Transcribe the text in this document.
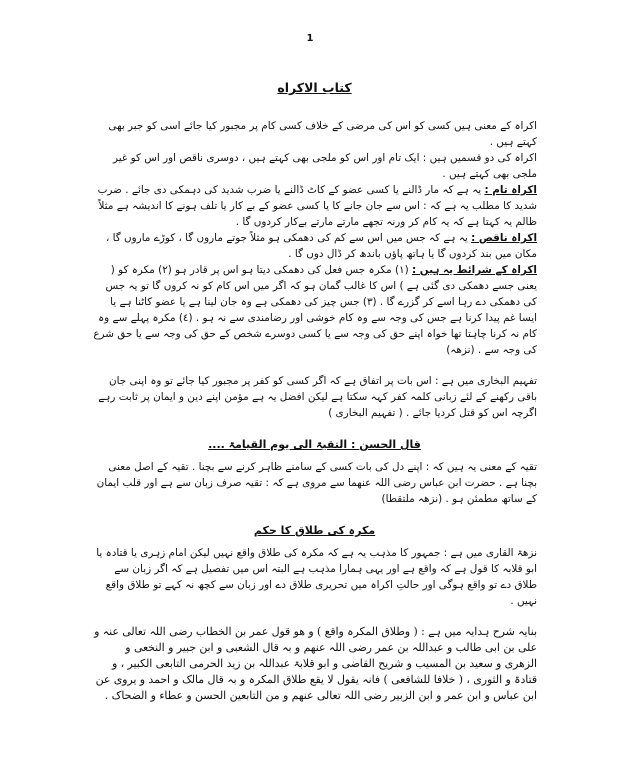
1
كتاب الاكراه

اکراہ کے معنی ہیں کسی کو اس کی مرضی کے خلاف کسی کام پر مجبور کیا جائے اسی کو جبر بھی کہتے ہیں .

اکراہ کی دو قسمیں ہیں : ایک تام اور اس کو ملجی بھی کہتے ہیں ، دوسری ناقص اور اس کو غیر ملجی بھی کہتے ہیں .

اکراہ تام : یہ ہے کہ مار ڈالنے یا کسی عضو کے کاٹ ڈالنے یا ضرب شدید کی دہمکی دی جائے . ضرب شدید کا مطلب یہ ہے کہ : اس سے جان جانے کا یا کسی عضو کے بے کار یا تلف ہونے کا اندیشہ ہے مثلاً ظالم یہ کہتا ہے کہ یہ کام کر ورنہ تجھے مارتے مارتے بےکار کردوں گا .

اکراہ ناقص : یہ ہے کہ جس میں اس سے کم کی دھمکی ہو مثلاً جوتے ماروں گا ، کوڑے ماروں گا ، مکان میں بند کردوں گا یا ہاتھ پاؤں باندھ کر ڈال دوں گا .

اکراہ کے شرائط یہ ہیں : (۱) مکرہ جس فعل کی دھمکی دیتا ہو اس پر قادر ہو (۲) مکرہ کو ( یعنی جسے دھمکی دی گئی ہے ) اس کا غالب گمان ہو کہ اگر میں اس کام کو نہ کروں گا تو یہ جس کی دھمکی دے رہا اسے کر گزرے گا . (۳) جس چیز کی دھمکی ہے وہ جان لینا ہے یا عضو کاٹنا ہے یا ایسا غم پیدا کرنا ہے جس کی وجہ سے وہ کام خوشی اور رضامندی سے نہ ہو . (٤) مکرہ پہلے سے وہ کام نہ کرنا چاہتا تھا خواہ اپنے حق کی وجہ سے یا کسی دوسرے شخص کے حق کی وجہ سے یا حق شرع کی وجہ سے . (نزھہ)

تفہیم البخاری میں ہے : اس بات پر اتفاق ہے کہ اگر کسی کو کفر پر مجبور کیا جائے تو وہ اپنی جان باقی رکھنے کے لئے زبانی کلمہ کفر کہہ سکتا ہے لیکن افضل یہ ہے مؤمن اپنے دین و ایمان پر ثابت رہے اگرچہ اس کو قتل کردیا جائے . ( تفہیم البخاری )

قال الحسن : التقیۃ الی یوم القیامۃ ....

تقیہ کے معنی یہ ہیں کہ : اپنے دل کی بات کسی کے سامنے ظاہر کرنے سے بچنا . تقیہ کے اصل معنی بچنا ہے . حضرت ابن عباس رضی اللہ عنھما سے مروی ہے کہ : تقیہ صرف زبان سے ہے اور قلب ایمان کے ساتھ مطمئن ہو . (نزھہ ملتقطا)

مکرہ کی طلاق کا حکم

نزھۃ القاری میں ہے : جمہور کا مذہب یہ ہے کہ مکرہ کی طلاق واقع نہیں لیکن امام زہری یا قتادہ یا ابو قلابہ کا قول ہے کہ واقع ہے اور یہی ہمارا مذہب ہے البتہ اس میں تفصیل ہے کہ اگر زبان سے طلاق دے تو واقع ہوگی اور حالتِ اکراہ میں تحریری طلاق دے اور زبان سے کچھ نہ کہے تو طلاق واقع نہیں .

بنایہ شرح ہدایہ میں ہے : ( وطلاق المکرہ واقع ) و ھو قول عمر بن الخطاب رضی اللہ تعالی عنہ و علی بن ابی طالب و عبداللہ بن عمر رضی اللہ عنھم و بہ قال الشعبی و ابن جبیر و النخعی و الزھری و سعید بن المسیب و شریح القاضی و ابو قلابۃ عبداللہ بن زید الحرمی التابعی الکبیر ، و قتادۃ و الثوری ، ( خلافا للشافعی ) فانہ یقول لا یقع طلاق المکرہ و بہ قال مالک و احمد و یروی عن ابن عباس و ابن عمر و ابن الزبیر رضی اللہ تعالی عنھم و من التابعین الحسن و عطاء و الضحاک .
